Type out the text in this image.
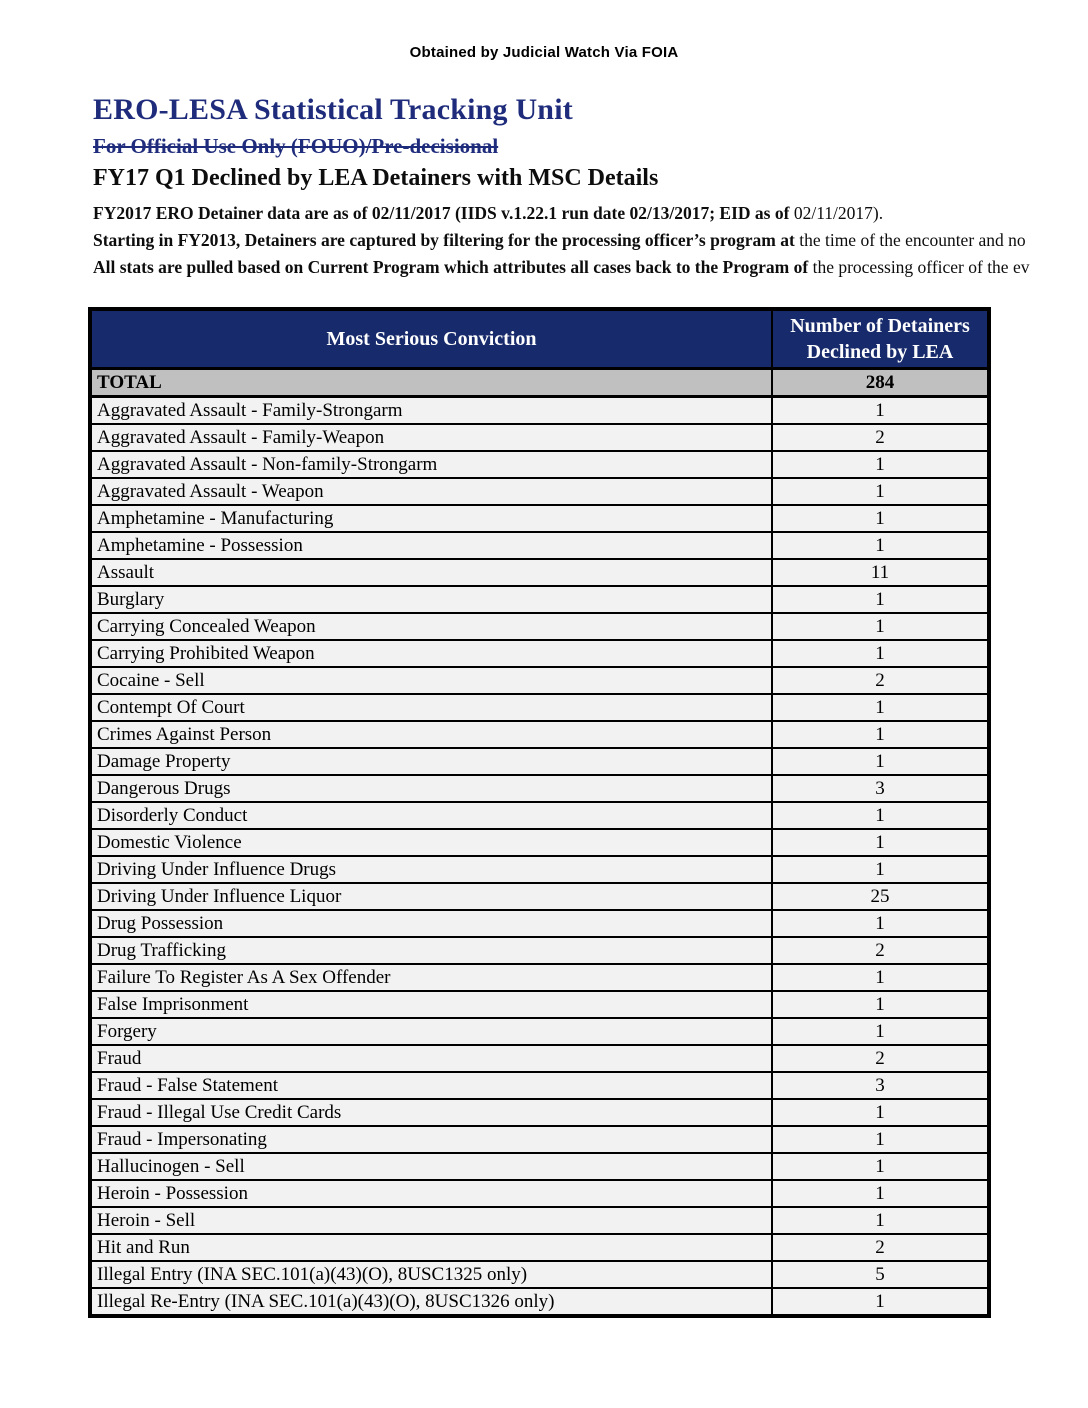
Obtained by Judicial Watch Via FOIA
ERO-LESA Statistical Tracking Unit
For Official Use Only (FOUO)/Pre-decisional
FY17 Q1 Declined by LEA Detainers with MSC Details
FY2017 ERO Detainer data are as of 02/11/2017 (IIDS v.1.22.1 run date 02/13/2017; EID as of 02/11/2017).
Starting in FY2013, Detainers are captured by filtering for the processing officer’s program at the time of the encounter and no
All stats are pulled based on Current Program which attributes all cases back to the Program of the processing officer of the ev
Most Serious Conviction	Number of Detainers Declined by LEA
TOTAL	284
Aggravated Assault - Family-Strongarm	1
Aggravated Assault - Family-Weapon	2
Aggravated Assault - Non-family-Strongarm	1
Aggravated Assault - Weapon	1
Amphetamine - Manufacturing	1
Amphetamine - Possession	1
Assault	11
Burglary	1
Carrying Concealed Weapon	1
Carrying Prohibited Weapon	1
Cocaine - Sell	2
Contempt Of Court	1
Crimes Against Person	1
Damage Property	1
Dangerous Drugs	3
Disorderly Conduct	1
Domestic Violence	1
Driving Under Influence Drugs	1
Driving Under Influence Liquor	25
Drug Possession	1
Drug Trafficking	2
Failure To Register As A Sex Offender	1
False Imprisonment	1
Forgery	1
Fraud	2
Fraud - False Statement	3
Fraud - Illegal Use Credit Cards	1
Fraud - Impersonating	1
Hallucinogen - Sell	1
Heroin - Possession	1
Heroin - Sell	1
Hit and Run	2
Illegal Entry (INA SEC.101(a)(43)(O), 8USC1325 only)	5
Illegal Re-Entry (INA SEC.101(a)(43)(O), 8USC1326 only)	1
